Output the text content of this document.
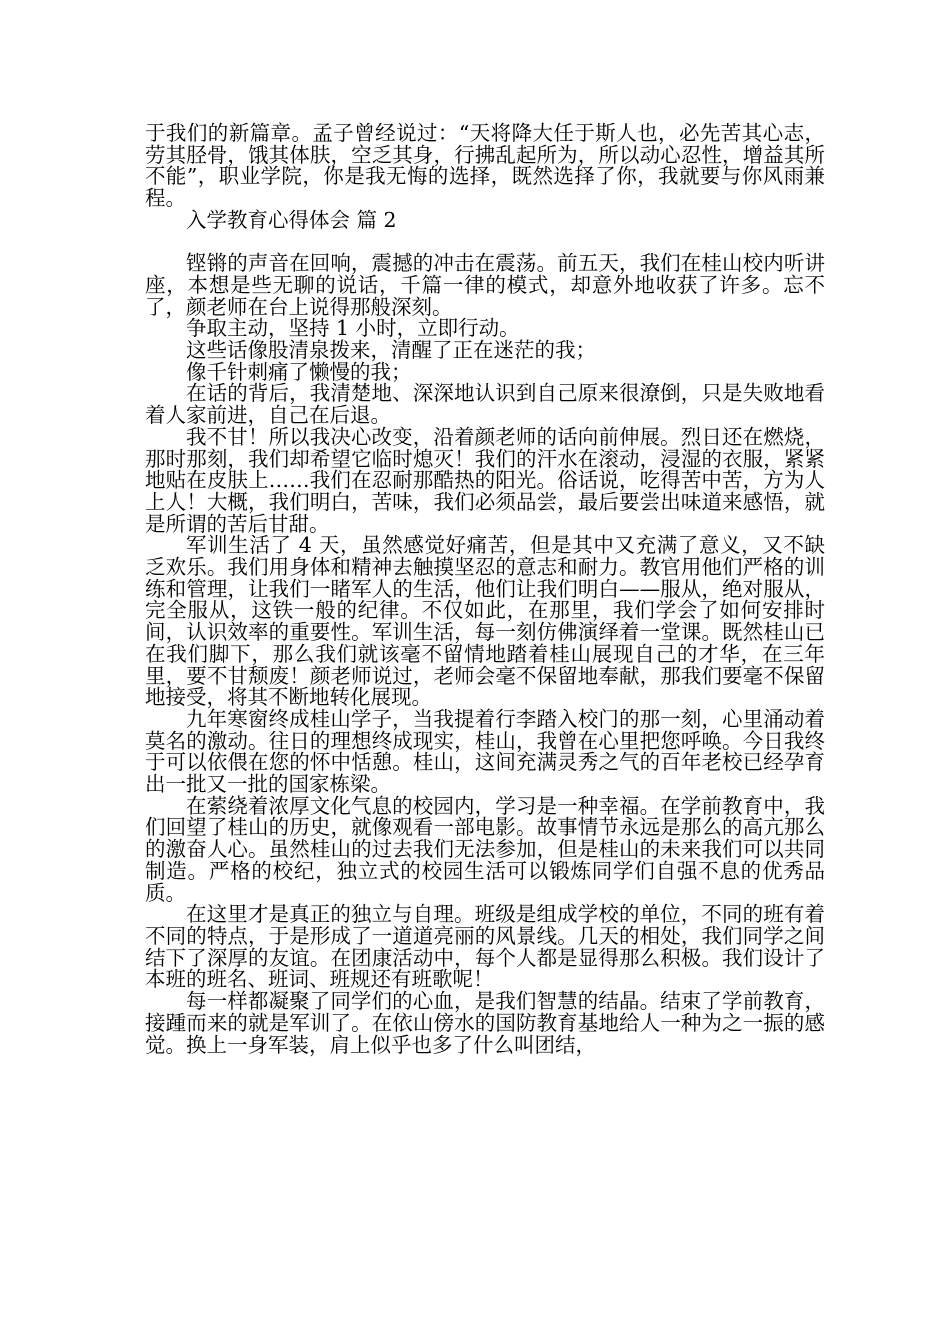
于我们的新篇章。孟子曾经说过：“天将降大任于斯人也，必先苦其心志，劳其胫骨，饿其体肤，空乏其身，行拂乱起所为，所以动心忍性，增益其所不能”，职业学院，你是我无悔的选择，既然选择了你，我就要与你风雨兼程。

入学教育心得体会 篇 2

铿锵的声音在回响，震撼的冲击在震荡。前五天，我们在桂山校内听讲座，本想是些无聊的说话，千篇一律的模式，却意外地收获了许多。忘不了，颜老师在台上说得那般深刻。

争取主动，坚持 1 小时，立即行动。

这些话像股清泉拨来，清醒了正在迷茫的我；

像千针刺痛了懒慢的我；

在话的背后，我清楚地、深深地认识到自己原来很潦倒，只是失败地看着人家前进，自己在后退。

我不甘！所以我决心改变，沿着颜老师的话向前伸展。烈日还在燃烧，那时那刻，我们却希望它临时熄灭！我们的汗水在滚动，浸湿的衣服，紧紧地贴在皮肤上……我们在忍耐那酷热的阳光。俗话说，吃得苦中苦，方为人上人！大概，我们明白，苦味，我们必须品尝，最后要尝出味道来感悟，就是所谓的苦后甘甜。

军训生活了 4 天，虽然感觉好痛苦，但是其中又充满了意义，又不缺乏欢乐。我们用身体和精神去触摸坚忍的意志和耐力。教官用他们严格的训练和管理，让我们一睹军人的生活，他们让我们明白——服从，绝对服从，完全服从，这铁一般的纪律。不仅如此，在那里，我们学会了如何安排时间，认识效率的重要性。军训生活，每一刻仿佛演绎着一堂课。既然桂山已在我们脚下，那么我们就该毫不留情地踏着桂山展现自己的才华，在三年里，要不甘颓废！颜老师说过，老师会毫不保留地奉献，那我们要毫不保留地接受，将其不断地转化展现。

九年寒窗终成桂山学子，当我提着行李踏入校门的那一刻，心里涌动着莫名的激动。往日的理想终成现实，桂山，我曾在心里把您呼唤。今日我终于可以依偎在您的怀中恬憩。桂山，这间充满灵秀之气的百年老校已经孕育出一批又一批的国家栋梁。

在萦绕着浓厚文化气息的校园内，学习是一种幸福。在学前教育中，我们回望了桂山的历史，就像观看一部电影。故事情节永远是那么的高亢那么的激奋人心。虽然桂山的过去我们无法参加，但是桂山的未来我们可以共同制造。严格的校纪，独立式的校园生活可以锻炼同学们自强不息的优秀品质。

在这里才是真正的独立与自理。班级是组成学校的单位，不同的班有着不同的特点，于是形成了一道道亮丽的风景线。几天的相处，我们同学之间结下了深厚的友谊。在团康活动中，每个人都是显得那么积极。我们设计了本班的班名、班词、班规还有班歌呢！

每一样都凝聚了同学们的心血，是我们智慧的结晶。结束了学前教育，接踵而来的就是军训了。在依山傍水的国防教育基地给人一种为之一振的感觉。换上一身军装，肩上似乎也多了什么叫团结，
